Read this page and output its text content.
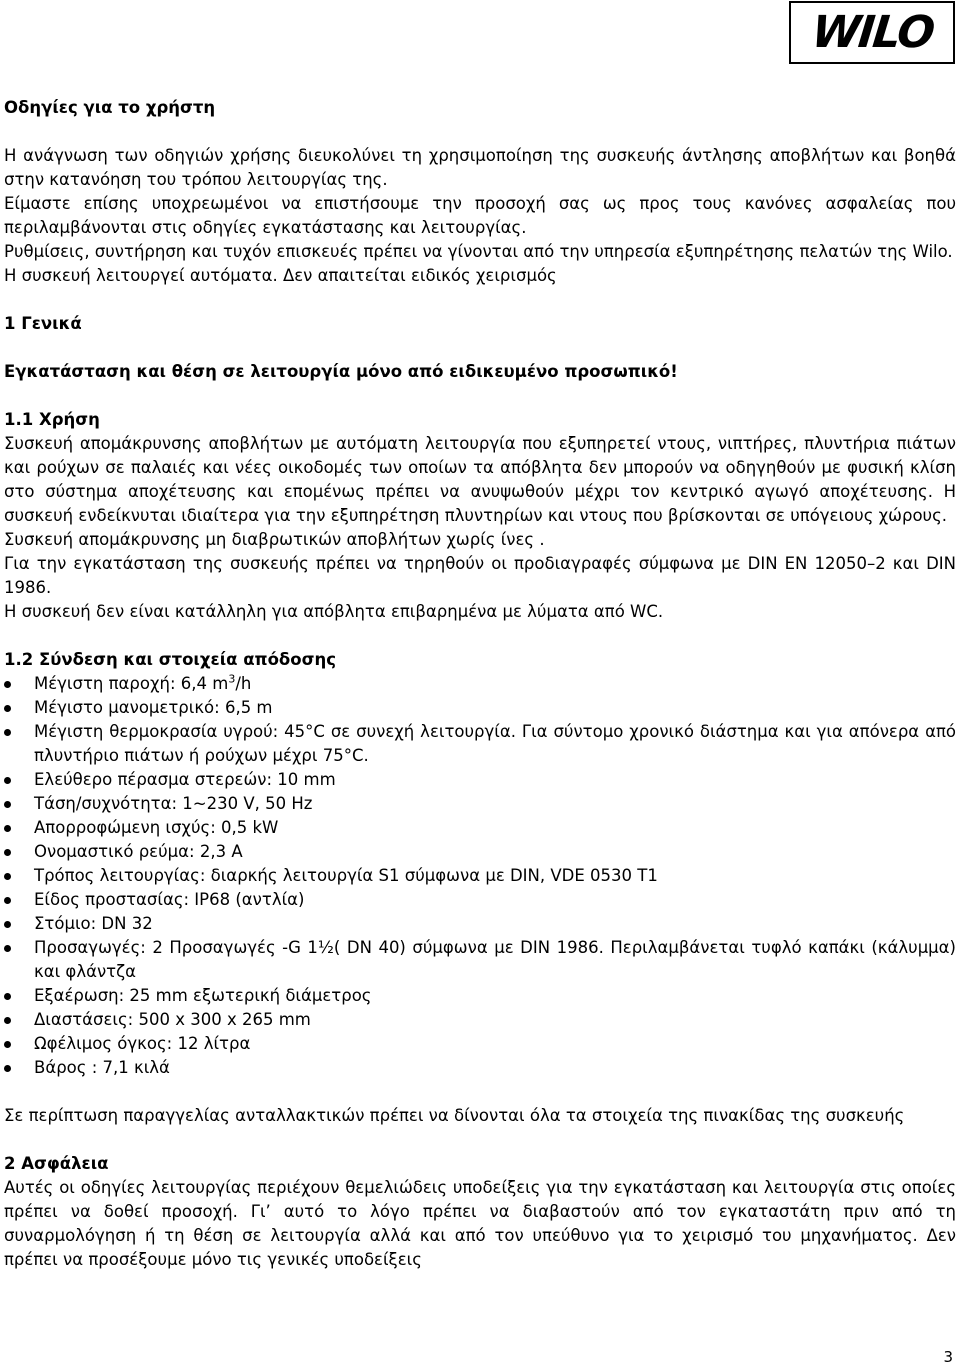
WILO

Οδηγίες για το χρήστη

Η ανάγνωση των οδηγιών χρήσης διευκολύνει τη χρησιμοποίηση της συσκευής άντλησης αποβλήτων και βοηθά στην κατανόηση του τρόπου λειτουργίας της.

Είμαστε επίσης υποχρεωμένοι να επιστήσουμε την προσοχή σας ως προς τους κανόνες ασφαλείας που περιλαμβάνονται στις οδηγίες εγκατάστασης και λειτουργίας.

Ρυθμίσεις, συντήρηση και τυχόν επισκευές πρέπει να γίνονται από την υπηρεσία εξυπηρέτησης πελατών της Wilo.

Η συσκευή λειτουργεί αυτόματα. Δεν απαιτείται ειδικός χειρισμός

1 Γενικά

Εγκατάσταση και θέση σε λειτουργία μόνο από ειδικευμένο προσωπικό!

1.1 Χρήση

Συσκευή απομάκρυνσης αποβλήτων με αυτόματη λειτουργία που εξυπηρετεί ντους, νιπτήρες, πλυντήρια πιάτων και ρούχων σε παλαιές και νέες οικοδομές των οποίων τα απόβλητα δεν μπορούν να οδηγηθούν με φυσική κλίση στο σύστημα αποχέτευσης και επομένως πρέπει να ανυψωθούν μέχρι τον κεντρικό αγωγό αποχέτευσης. Η συσκευή ενδείκνυται ιδιαίτερα για την εξυπηρέτηση πλυντηρίων και ντους που βρίσκονται σε υπόγειους χώρους.

Συσκευή απομάκρυνσης μη διαβρωτικών αποβλήτων χωρίς ίνες .

Για την εγκατάσταση της συσκευής πρέπει να τηρηθούν οι προδιαγραφές σύμφωνα με DIN EN 12050–2 και DIN 1986.

Η συσκευή δεν είναι κατάλληλη για απόβλητα επιβαρημένα με λύματα από WC.

1.2 Σύνδεση και στοιχεία απόδοσης

Μέγιστη παροχή: 6,4 $m^3/h$
Μέγιστο μανομετρικό: 6,5 m
Μέγιστη θερμοκρασία υγρού: 45°C σε συνεχή λειτουργία. Για σύντομο χρονικό διάστημα και για απόνερα από πλυντήριο πιάτων ή ρούχων μέχρι 75°C.
Ελεύθερο πέρασμα στερεών: 10 mm
Τάση/συχνότητα: 1~230 V, 50 Hz
Απορροφώμενη ισχύς: 0,5 kW
Ονομαστικό ρεύμα: 2,3 A
Τρόπος λειτουργίας: διαρκής λειτουργία S1 σύμφωνα με DIN, VDE 0530 T1
Είδος προστασίας: IP68 (αντλία)
Στόμιο: DN 32
Προσαγωγές: 2 Προσαγωγές -G 1½( DN 40) σύμφωνα με DIN 1986. Περιλαμβάνεται τυφλό καπάκι (κάλυμμα) και φλάντζα
Εξαέρωση: 25 mm εξωτερική διάμετρος
Διαστάσεις: 500 x 300 x 265 mm
Ωφέλιμος όγκος: 12 λίτρα
Βάρος : 7,1 κιλά

Σε περίπτωση παραγγελίας ανταλλακτικών πρέπει να δίνονται όλα τα στοιχεία της πινακίδας της συσκευής

2 Ασφάλεια

Αυτές οι οδηγίες λειτουργίας περιέχουν θεμελιώδεις υποδείξεις για την εγκατάσταση και λειτουργία στις οποίες πρέπει να δοθεί προσοχή. Γι’ αυτό το λόγο πρέπει να διαβαστούν από τον εγκαταστάτη πριν από τη συναρμολόγηση ή τη θέση σε λειτουργία αλλά και από τον υπεύθυνο για το χειρισμό του μηχανήματος. Δεν πρέπει να προσέξουμε μόνο τις γενικές υποδείξεις

3
